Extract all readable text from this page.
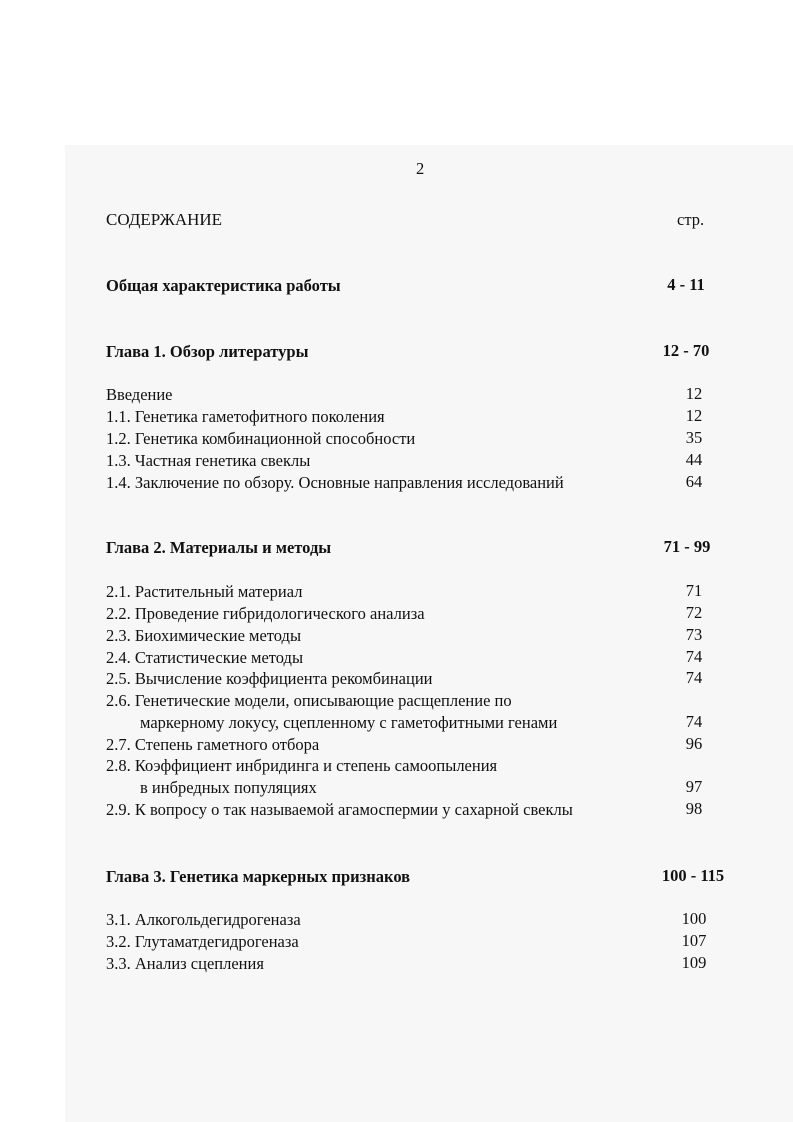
2
СОДЕРЖАНИЕ	стр.
Общая характеристика работы	4 - 11
Глава 1. Обзор литературы	12 - 70
Введение	12
1.1. Генетика гаметофитного поколения	12
1.2. Генетика комбинационной способности	35
1.3. Частная генетика свеклы	44
1.4. Заключение по обзору. Основные направления исследований	64
Глава 2. Материалы и методы	71 - 99
2.1. Растительный материал	71
2.2. Проведение гибридологического анализа	72
2.3. Биохимические методы	73
2.4. Статистические методы	74
2.5. Вычисление коэффициента рекомбинации	74
2.6. Генетические модели, описывающие расщепление по
маркерному локусу, сцепленному с гаметофитными генами	74
2.7. Степень гаметного отбора	96
2.8. Коэффициент инбридинга и степень самоопыления
в инбредных популяциях	97
2.9. К вопросу о так называемой агамоспермии у сахарной свеклы	98
Глава 3. Генетика маркерных признаков	100 - 115
3.1. Алкогольдегидрогеназа	100
3.2. Глутаматдегидрогеназа	107
3.3. Анализ сцепления	109
